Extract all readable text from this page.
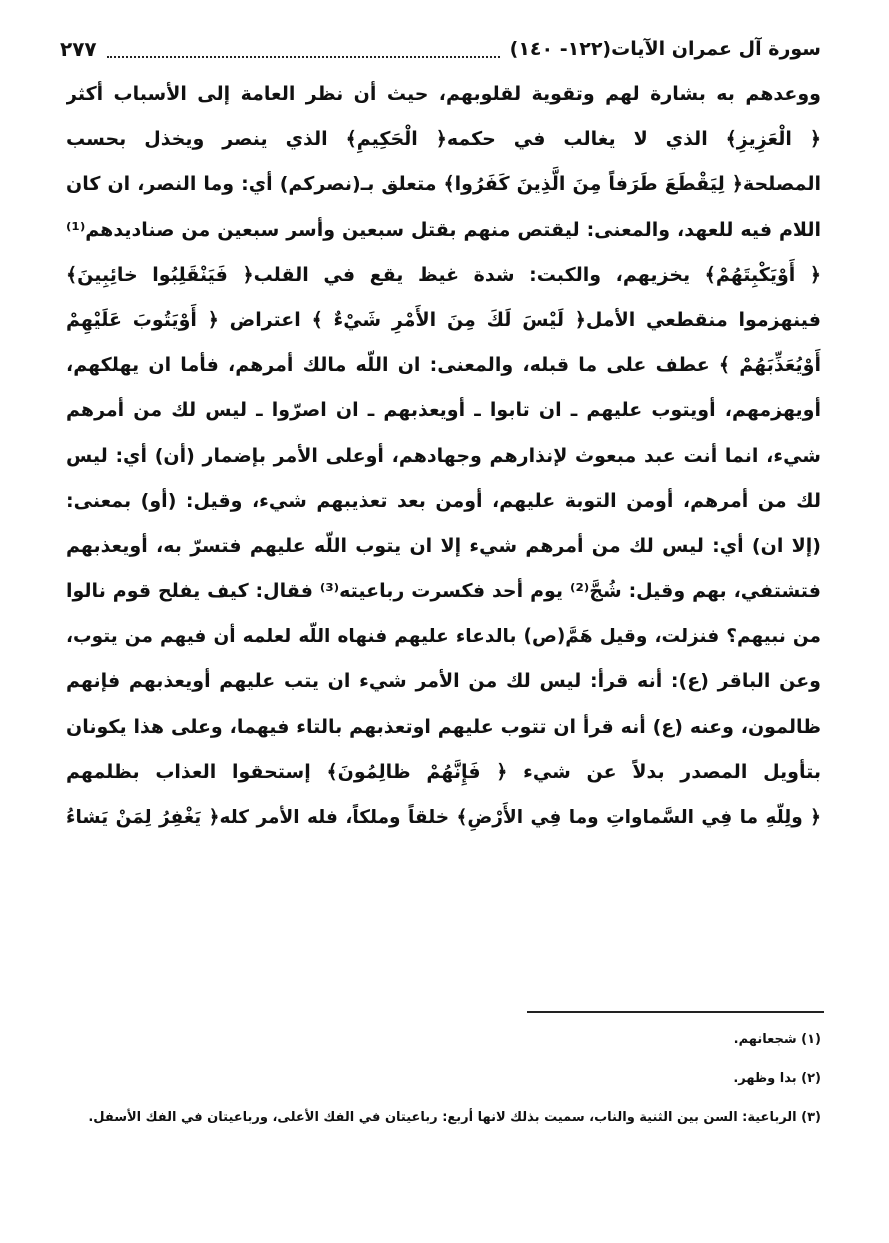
سورة آل عمران الآيات(١٢٢- ١٤٠)
٢٧٧
ووعدهم به بشارة لهم وتقوية لقلوبهم، حيث أن نظر العامة إلى الأسباب أكثر
﴿ الْعَزِيزِ﴾ الذي لا يغالب في حكمه﴿ الْحَكِيمِ﴾ الذي ينصر ويخذل بحسب
المصلحة﴿ لِيَقْطَعَ طَرَفاً مِنَ الَّذِينَ كَفَرُوا﴾ متعلق بـ(نصركم) أي: وما النصر، ان كان
اللام فيه للعهد، والمعنى: ليقتص منهم بقتل سبعين وأسر سبعين من صناديدهم⁽¹⁾
﴿ أَوْيَكْبِتَهُمْ﴾ يخزيهم، والكبت: شدة غيظ يقع في القلب﴿ فَيَنْقَلِبُوا خائِبِينَ﴾
فينهزموا منقطعي الأمل﴿ لَيْسَ لَكَ مِنَ الأَمْرِ شَيْءٌ ﴾ اعتراض ﴿ أَوْيَتُوبَ عَلَيْهِمْ
أَوْيُعَذِّبَهُمْ ﴾ عطف على ما قبله، والمعنى: ان اللّه مالك أمرهم، فأما ان يهلكهم،
أويهزمهم، أويتوب عليهم ـ ان تابوا ـ أويعذبهم ـ ان اصرّوا ـ ليس لك من أمرهم
شيء، انما أنت عبد مبعوث لإنذارهم وجهادهم، أوعلى الأمر بإضمار (أن) أي: ليس
لك من أمرهم، أومن التوبة عليهم، أومن بعد تعذيبهم شيء، وقيل: (أو) بمعنى:
(إلا ان) أي: ليس لك من أمرهم شيء إلا ان يتوب اللّه عليهم فتسرّ به، أويعذبهم
فتشتفي، بهم وقيل: شُجَّ⁽²⁾ يوم أحد فكسرت رباعيته⁽³⁾ فقال: كيف يفلح قوم نالوا
من نبيهم؟ فنزلت، وقيل هَمَّ(ص) بالدعاء عليهم فنهاه اللّه لعلمه أن فيهم من يتوب،
وعن الباقر (ع): أنه قرأ: ليس لك من الأمر شيء ان يتب عليهم أويعذبهم فإنهم
ظالمون، وعنه (ع) أنه قرأ ان تتوب عليهم اوتعذبهم بالتاء فيهما، وعلى هذا يكونان
بتأويل المصدر بدلاً عن شيء ﴿ فَإِنَّهُمْ ظالِمُونَ﴾ إستحقوا العذاب بظلمهم
﴿ ولِلّهِ ما فِي السَّماواتِ وما فِي الأَرْضِ﴾ خلقاً وملكاً، فله الأمر كله﴿ يَغْفِرُ لِمَنْ يَشاءُ
(١) شجعانهم.
(٢) بدا وظهر.
(٣) الرباعية: السن بين الثنية والناب، سميت بذلك لانها أربع: رباعيتان في الفك الأعلى، ورباعيتان في الفك الأسفل.
